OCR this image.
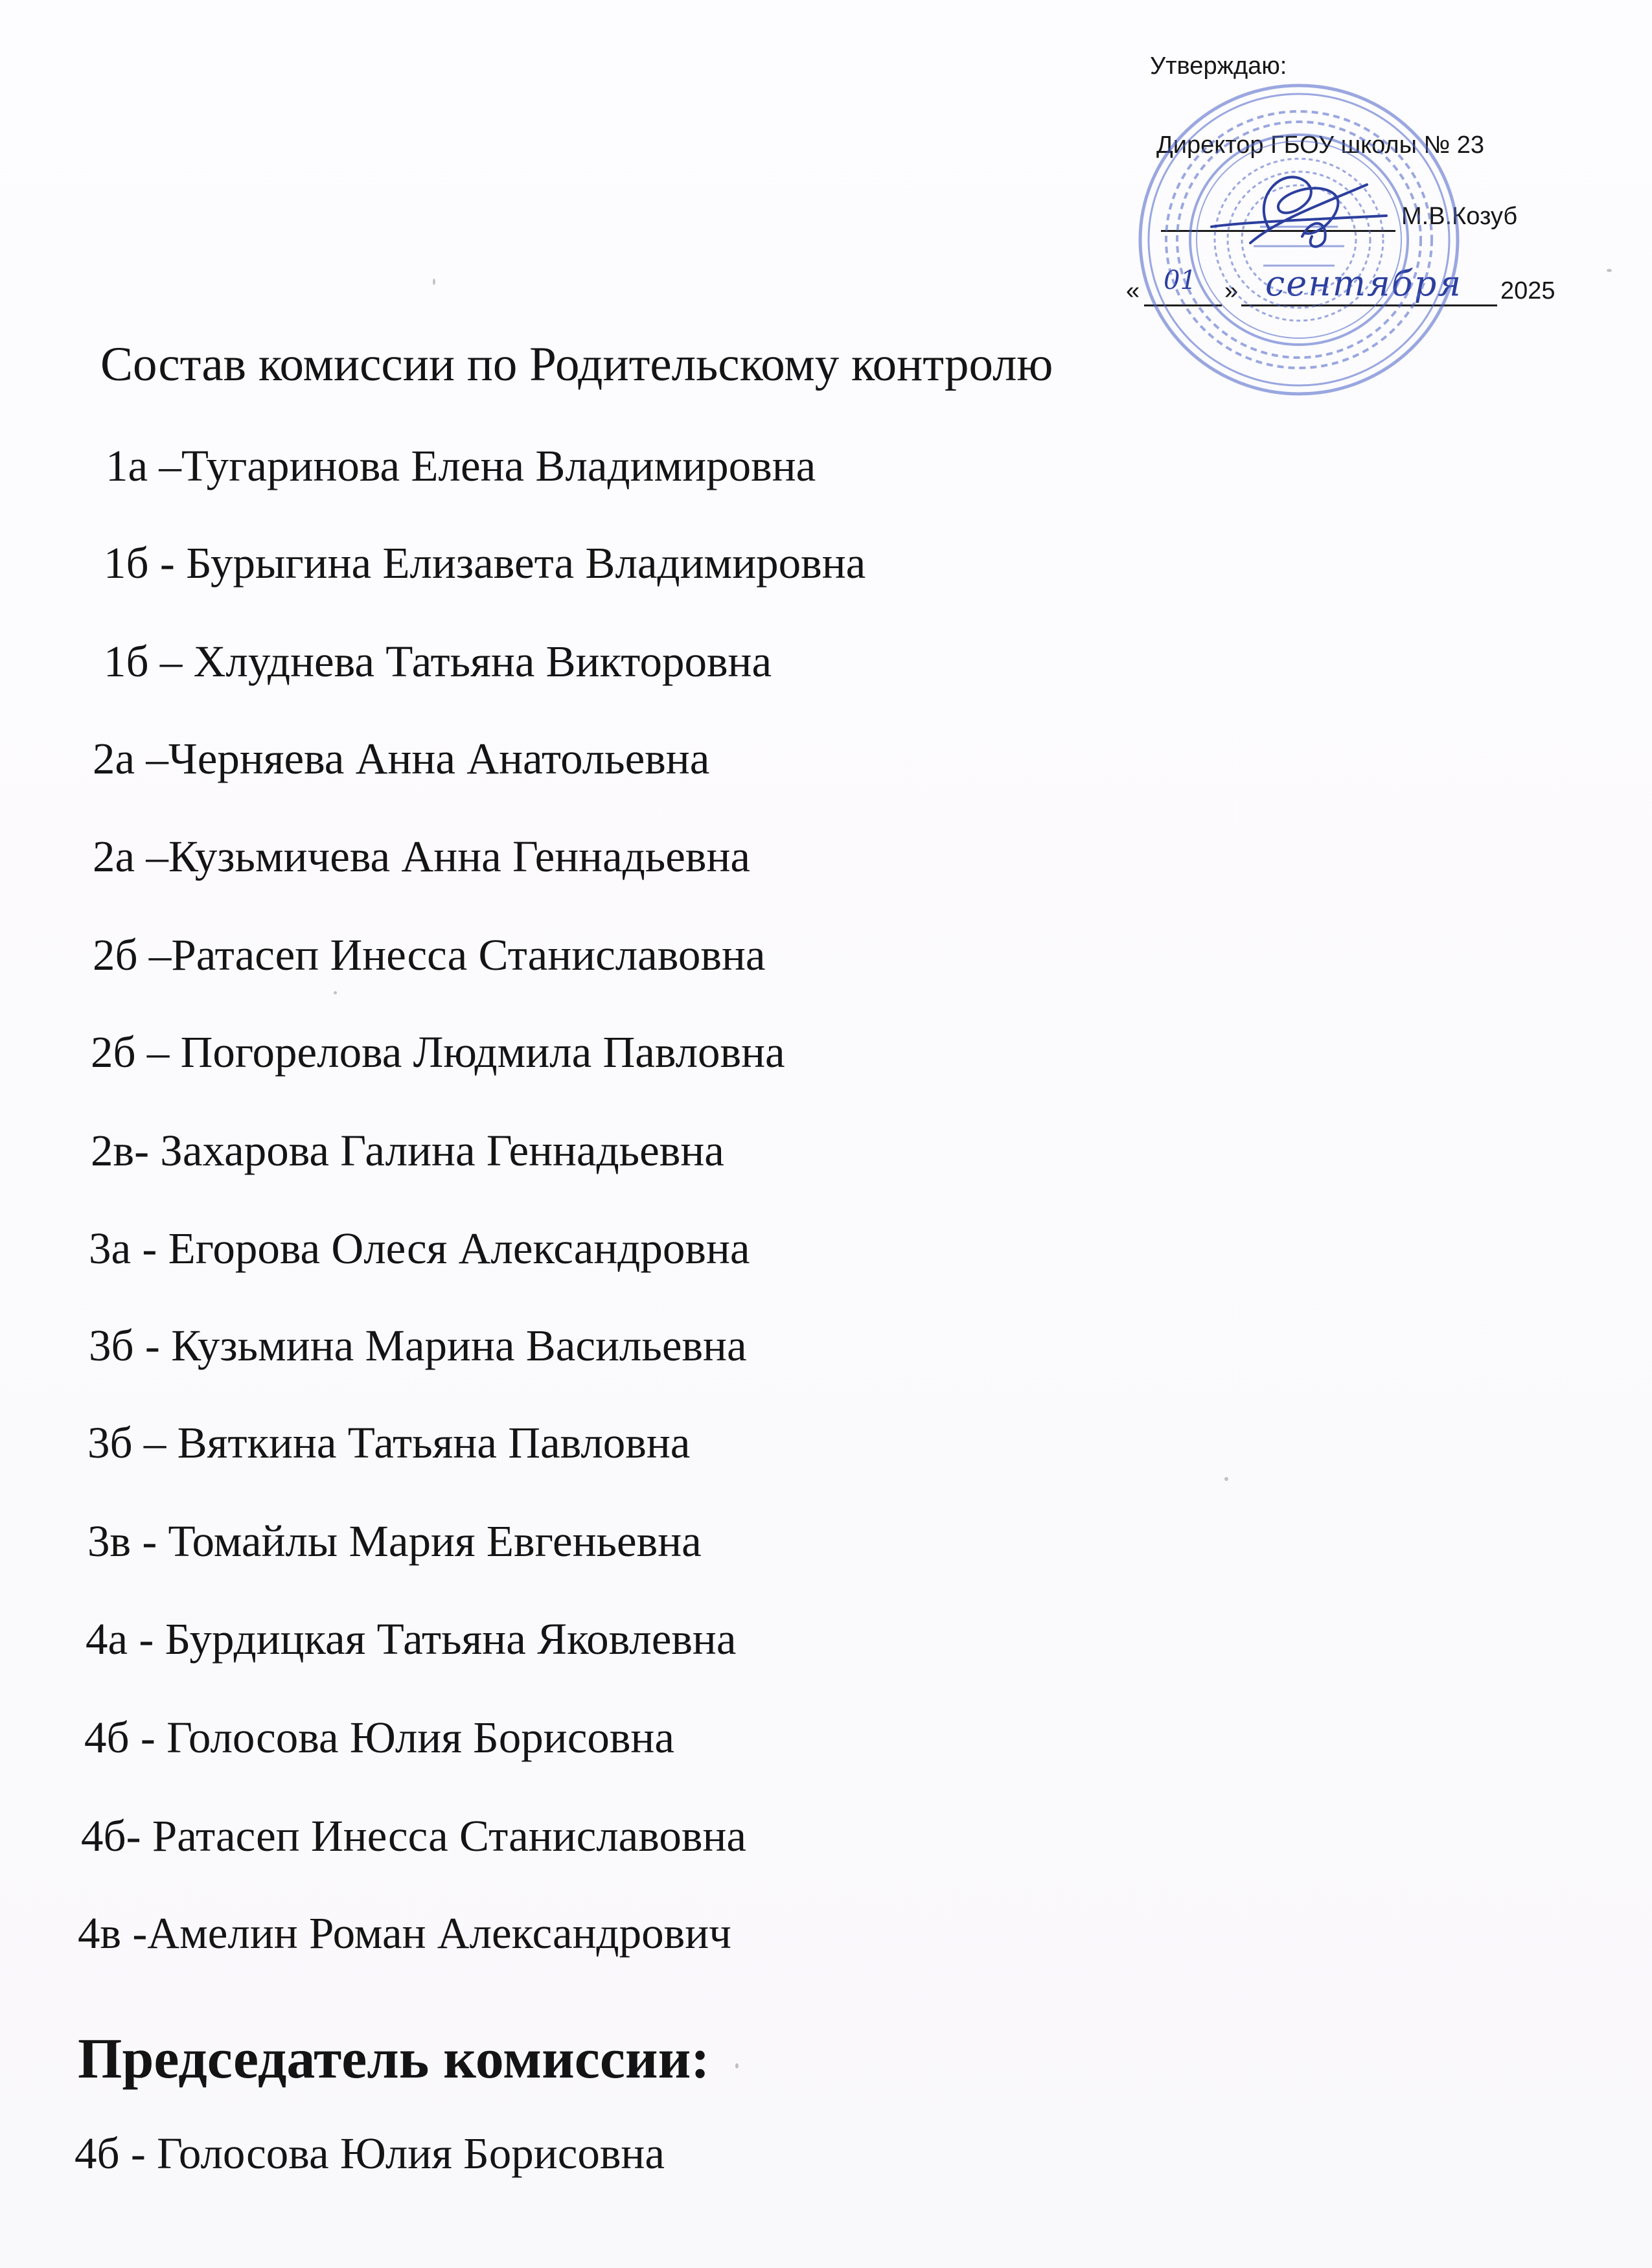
Утверждаю:
Директор ГБОУ школы № 23
М.В.Козуб
« 01 » сентября 2025
Состав комиссии по Родительскому контролю
1а –Тугаринова Елена Владимировна
1б - Бурыгина Елизавета Владимировна
1б – Хлуднева Татьяна Викторовна
2а –Черняева Анна Анатольевна
2а –Кузьмичева Анна Геннадьевна
2б –Ратасеп Инесса Станиславовна
2б – Погорелова Людмила Павловна
2в- Захарова Галина Геннадьевна
3а - Егорова Олеся Александровна
3б - Кузьмина Марина Васильевна
3б – Вяткина Татьяна Павловна
3в - Томайлы Мария Евгеньевна
4а - Бурдицкая Татьяна Яковлевна
4б - Голосова Юлия Борисовна
4б- Ратасеп Инесса Станиславовна
4в -Амелин Роман Александрович
Председатель комиссии:
4б - Голосова Юлия Борисовна
